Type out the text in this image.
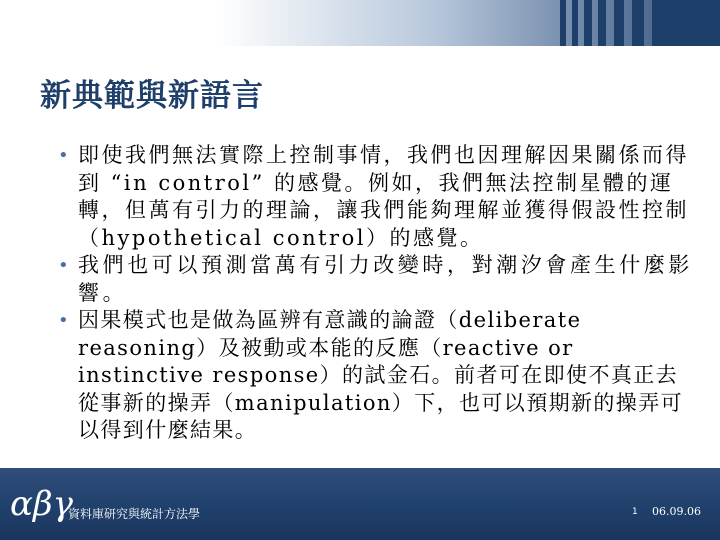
新典範與新語言
• 即使我們無法實際上控制事情，我們也因理解因果關係而得到 “in control” 的感覺。例如，我們無法控制星體的運轉，但萬有引力的理論，讓我們能夠理解並獲得假設性控制（hypothetical control）的感覺。
• 我們也可以預測當萬有引力改變時，對潮汐會產生什麼影響。
• 因果模式也是做為區辨有意識的論證（deliberate reasoning）及被動或本能的反應（reactive or instinctive response）的試金石。前者可在即使不真正去從事新的操弄（manipulation）下，也可以預期新的操弄可以得到什麼結果。
αβγ
資料庫研究與統計方法學	1 06.09.06
